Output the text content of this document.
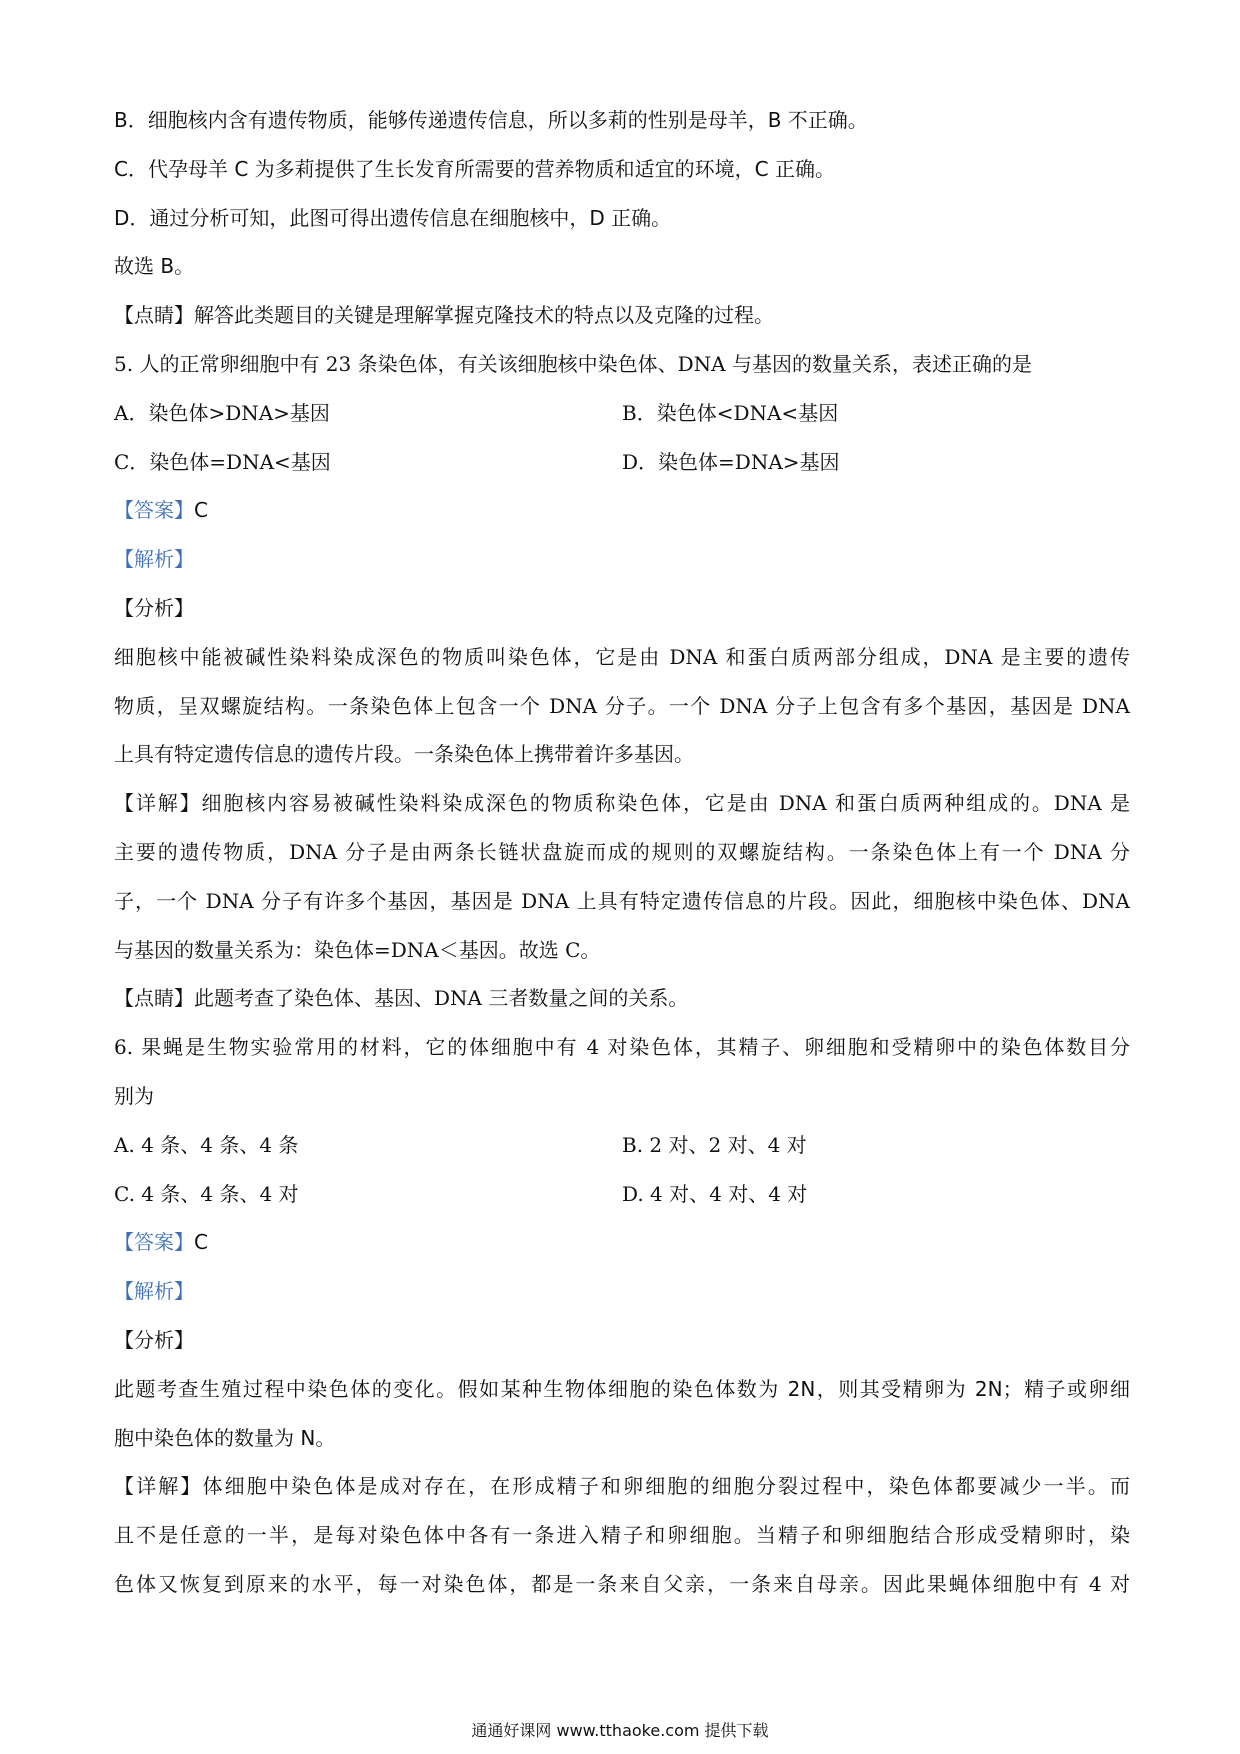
B．细胞核内含有遗传物质，能够传递遗传信息，所以多莉的性别是母羊，B 不正确。
C．代孕母羊 C 为多莉提供了生长发育所需要的营养物质和适宜的环境，C 正确。
D．通过分析可知，此图可得出遗传信息在细胞核中，D 正确。
故选 B。
【点睛】解答此类题目的关键是理解掌握克隆技术的特点以及克隆的过程。
5. 人的正常卵细胞中有 23 条染色体，有关该细胞核中染色体、DNA 与基因的数量关系，表述正确的是
A．染色体>DNA>基因	B．染色体<DNA<基因
C．染色体=DNA<基因	D．染色体=DNA>基因
【答案】C
【解析】
【分析】
细胞核中能被碱性染料染成深色的物质叫染色体，它是由 DNA 和蛋白质两部分组成，DNA 是主要的遗传
物质，呈双螺旋结构。一条染色体上包含一个 DNA 分子。一个 DNA 分子上包含有多个基因，基因是 DNA
上具有特定遗传信息的遗传片段。一条染色体上携带着许多基因。
【详解】细胞核内容易被碱性染料染成深色的物质称染色体，它是由 DNA 和蛋白质两种组成的。DNA 是
主要的遗传物质，DNA 分子是由两条长链状盘旋而成的规则的双螺旋结构。一条染色体上有一个 DNA 分
子，一个 DNA 分子有许多个基因，基因是 DNA 上具有特定遗传信息的片段。因此，细胞核中染色体、DNA
与基因的数量关系为：染色体=DNA＜基因。故选 C。
【点睛】此题考查了染色体、基因、DNA 三者数量之间的关系。
6. 果蝇是生物实验常用的材料，它的体细胞中有 4 对染色体，其精子、卵细胞和受精卵中的染色体数目分
别为
A. 4 条、4 条、4 条	B. 2 对、2 对、4 对
C. 4 条、4 条、4 对	D. 4 对、4 对、4 对
【答案】C
【解析】
【分析】
此题考查生殖过程中染色体的变化。假如某种生物体细胞的染色体数为 2N，则其受精卵为 2N；精子或卵细
胞中染色体的数量为 N。
【详解】体细胞中染色体是成对存在，在形成精子和卵细胞的细胞分裂过程中，染色体都要减少一半。而
且不是任意的一半，是每对染色体中各有一条进入精子和卵细胞。当精子和卵细胞结合形成受精卵时，染
色体又恢复到原来的水平，每一对染色体，都是一条来自父亲，一条来自母亲。因此果蝇体细胞中有 4 对
通通好课网 www.tthaoke.com 提供下载
